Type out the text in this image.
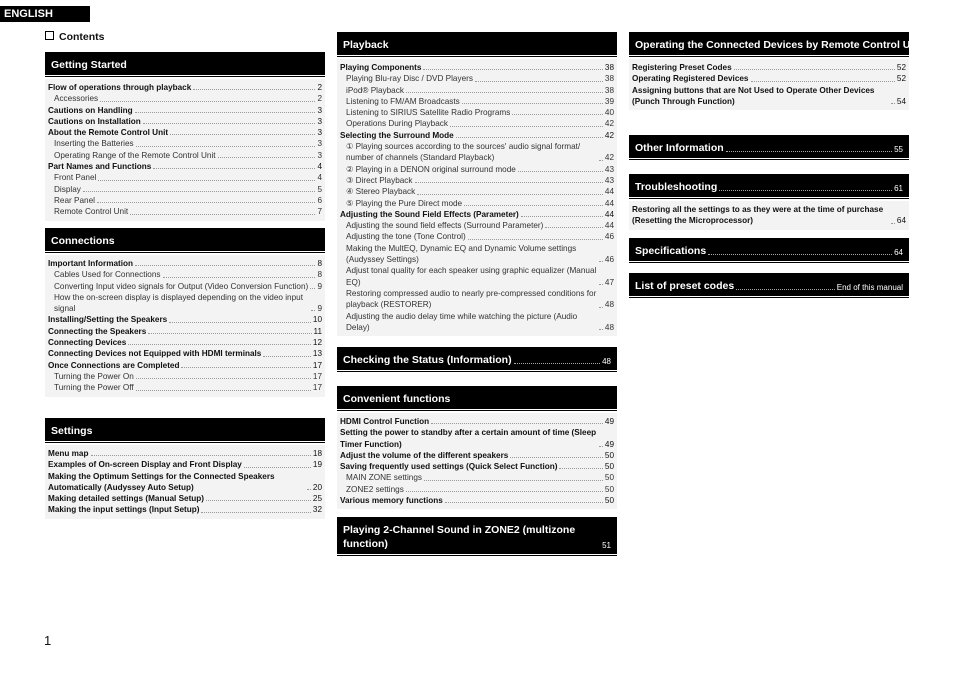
ENGLISH
Contents
Getting Started
Flow of operations through playback	2
Accessories	2
Cautions on Handling	3
Cautions on Installation	3
About the Remote Control Unit	3
Inserting the Batteries	3
Operating Range of the Remote Control Unit	3
Part Names and Functions	4
Front Panel	4
Display	5
Rear Panel	6
Remote Control Unit	7
Connections
Important Information	8
Cables Used for Connections	8
Converting Input video signals for Output (Video Conversion Function) 9
How the on-screen display is displayed depending on the video input signal	9
Installing/Setting the Speakers	10
Connecting the Speakers	11
Connecting Devices	12
Connecting Devices not Equipped with HDMI terminals	13
Once Connections are Completed	17
Turning the Power On	17
Turning the Power Off	17
Settings
Menu map	18
Examples of On-screen Display and Front Display	19
Making the Optimum Settings for the Connected Speakers Automatically (Audyssey Auto Setup)	20
Making detailed settings (Manual Setup)	25
Making the input settings (Input Setup)	32
Playback
Playing Components	38
Playing Blu-ray Disc / DVD Players	38
iPod® Playback	38
Listening to FM/AM Broadcasts	39
Listening to SIRIUS Satellite Radio Programs	40
Operations During Playback	42
Selecting the Surround Mode	42
① Playing sources according to the sources' audio signal format/ number of channels (Standard Playback)	42
② Playing in a DENON original surround mode	43
③ Direct Playback	43
④ Stereo Playback	44
⑤ Playing the Pure Direct mode	44
Adjusting the Sound Field Effects (Parameter)	44
Adjusting the sound field effects (Surround Parameter)	44
Adjusting the tone (Tone Control)	46
Making the MultEQ, Dynamic EQ and Dynamic Volume settings (Audyssey Settings)	46
Adjust tonal quality for each speaker using graphic equalizer (Manual EQ)	47
Restoring compressed audio to nearly pre-compressed conditions for playback (RESTORER)	48
Adjusting the audio delay time while watching the picture (Audio Delay)	48
Checking the Status (Information)	48
Convenient functions
HDMI Control Function	49
Setting the power to standby after a certain amount of time (Sleep Timer Function)	49
Adjust the volume of the different speakers	50
Saving frequently used settings (Quick Select Function)	50
MAIN ZONE settings	50
ZONE2 settings	50
Various memory functions	50
Playing 2-Channel Sound in ZONE2 (multizone function)	51
Operating the Connected Devices by Remote Control Unit
Registering Preset Codes	52
Operating Registered Devices	52
Assigning buttons that are Not Used to Operate Other Devices (Punch Through Function)	54
Other Information	55
Troubleshooting	61
Restoring all the settings to as they were at the time of purchase (Resetting the Microprocessor)	64
Specifications	64
List of preset codes	End of this manual
1
